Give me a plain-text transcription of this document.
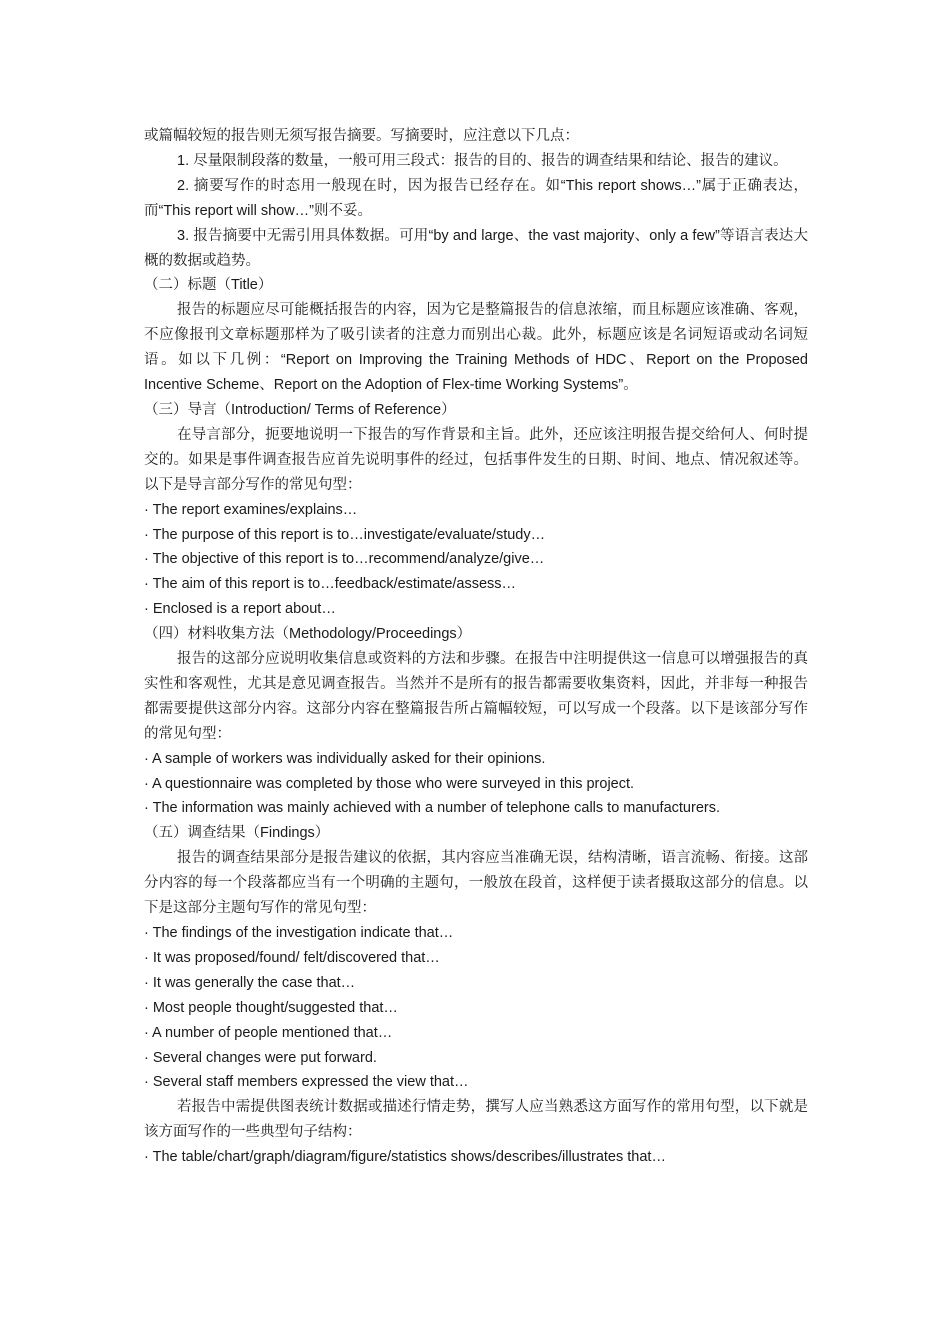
或篇幅较短的报告则无须写报告摘要。写摘要时，应注意以下几点：

1. 尽量限制段落的数量，一般可用三段式：报告的目的、报告的调查结果和结论、报告的建议。

2. 摘要写作的时态用一般现在时，因为报告已经存在。如“This report shows…”属于正确表达，而“This report will show…”则不妥。

3. 报告摘要中无需引用具体数据。可用“by and large、the vast majority、only a few”等语言表达大概的数据或趋势。

（二）标题（Title）

报告的标题应尽可能概括报告的内容，因为它是整篇报告的信息浓缩，而且标题应该准确、客观，不应像报刊文章标题那样为了吸引读者的注意力而别出心裁。此外，标题应该是名词短语或动名词短语。如以下几例：“Report on Improving the Training Methods of HDC、Report on the Proposed Incentive Scheme、Report on the Adoption of Flex-time Working Systems”。

（三）导言（Introduction/ Terms of Reference）

在导言部分，扼要地说明一下报告的写作背景和主旨。此外，还应该注明报告提交给何人、何时提交的。如果是事件调查报告应首先说明事件的经过，包括事件发生的日期、时间、地点、情况叙述等。以下是导言部分写作的常见句型：

· The report examines/explains…

· The purpose of this report is to…investigate/evaluate/study…

· The objective of this report is to…recommend/analyze/give…

· The aim of this report is to…feedback/estimate/assess…

· Enclosed is a report about…

（四）材料收集方法（Methodology/Proceedings）

报告的这部分应说明收集信息或资料的方法和步骤。在报告中注明提供这一信息可以增强报告的真实性和客观性，尤其是意见调查报告。当然并不是所有的报告都需要收集资料，因此，并非每一种报告都需要提供这部分内容。这部分内容在整篇报告所占篇幅较短，可以写成一个段落。以下是该部分写作的常见句型：

· A sample of workers was individually asked for their opinions.

· A questionnaire was completed by those who were surveyed in this project.

· The information was mainly achieved with a number of telephone calls to manufacturers.

（五）调查结果（Findings）

报告的调查结果部分是报告建议的依据，其内容应当准确无误，结构清晰，语言流畅、衔接。这部分内容的每一个段落都应当有一个明确的主题句，一般放在段首，这样便于读者摄取这部分的信息。以下是这部分主题句写作的常见句型：

· The findings of the investigation indicate that…

· It was proposed/found/ felt/discovered that…

· It was generally the case that…

· Most people thought/suggested that…

· A number of people mentioned that…

· Several changes were put forward.

· Several staff members expressed the view that…

若报告中需提供图表统计数据或描述行情走势，撰写人应当熟悉这方面写作的常用句型，以下就是该方面写作的一些典型句子结构：

· The table/chart/graph/diagram/figure/statistics shows/describes/illustrates that…
